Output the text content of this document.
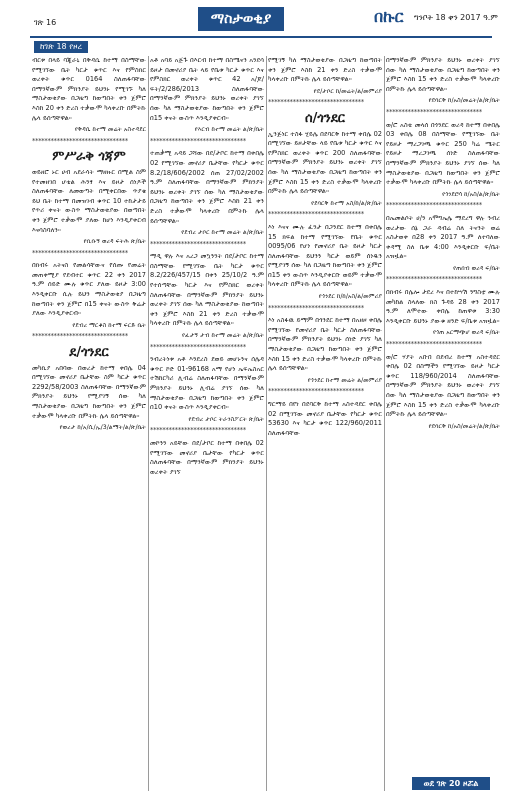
ገጽ 16	ማስታወቂያ	በኩር ግንቦት 18 ቀን 2017 ዓ.ም
ከገጽ 18 የዞረ

ብርቱ በላይ ባጂራኒ በቅዳሴ ከተማ በስማቸው የሚገኘው ቤት ካርታ ቁጥር እና የምስክር ወረቀት ቁጥር 0164 ስለጠፋባቸው በማንኛውም ምክንያት ይህንኑ የሚገኙ ካለ ማስታወቂያው በጋዜጣ ከወጣበት ቀን ጀምሮ እስከ 20 ቀን ድረስ ተቃውሞ ካላቀረቡ በምትኩ ሌላ ይሰጣቸዋል።

የቅዳሴ ከተማ መሬት አስተዳደር
*******************************
ምሥራቅ ጎጃም

ወይዘሮ ኑር ሀብ አደራሳት ማዘዙር በሚል ስም የተመዘገበ ሆቴል ሕንፃ እና ይዞታ ሰነዶች ስለጠፋባቸው ለመወጣት በሚቀርበው ጥያቄ ይህ ቤት ከተማ በመዝገብ ቁጥር 10 ተከታታይ የጥሪ ቀናት ውስጥ ማስታወቂያው በወጣበት ቀን ጀምሮ ተቃውሞ ያለው ከሆነ እንዲያቀርብ እናሳስባለን።

የቢቡኝ ወረዳ ፍትሕ ጽ/ቤት
*******************************

በክብሩ አትናስ የመልሳቸውና የሰጡ የመሬት መጠቀሚያ የደብተር ቁጥር 22 ቀን 2017 ዓ.ም ሰይድ ሙሉ ቁጥር ያለው ይዞታ 3:00 እንዲቀርቡ ሲሉ ይህን ማስታወቂያ በጋዜጣ ከወጣበት ቀን ጀምሮ በ15 ቀናት ውስጥ ቅሬታ ያለው እንዲያቀርብ።

የደብረ ማርቆስ ከተማ ፍርድ ቤት
*******************************
ደ/ጎንደር

መካኪያ አበባው በወረታ ከተማ ቀበሌ 04 በሚገኘው መኖሪያ ቤታቸው ስም ካርታ ቁጥር 2292/58/2003 ስለጠፋባቸው በማንኛውም ምክንያት ይህንኑ የሚያገኝ ሰው ካለ ማስታወቂያው በጋዜጣ ከወጣበት ቀን ጀምሮ ተቃውሞ ካላቀረቡ በምትኩ ሌላ ይሰጣቸዋል።

የወረታ ከ/አ/ሲ/ኢ/3/ልማት/ል/ጽ/ቤት

አቶ አባይ አጅጉ በእርብ ከተማ በስሜናን አንደሳ ይዞታ በመኖሪያ ቤት ላይ የቤቱ ካርታ ቁጥር እና የምስክር ወረቀት ቁጥር 42 አ/ጆ/ፍት/2/286/2013 ስለጠፋባቸው በማንኛውም ምክንያት ይህንኑ ወረቀት ያገኘ ሰው ካለ ማስታወቂያው ከወጣበት ቀን ጀምሮ በ15 ቀናት ውስጥ እንዲያቀርብ።

የእርብ ከተማ መሬት ል/ጽ/ቤት
*******************************

ተጠቃሚ አዳይ ጋሻው በደ/ታቦር ከተማ በቀበሌ 02 የሚገኘው መኖሪያ ቤታቸው የካርታ ቁጥር 8.2/18/606/2002 ሰጠ 27/02/2002 ዓ.ም ስለጠፋባቸው በማንኛውም ምክንያት ይህንኑ ወረቀት ያገኘ ሰው ካለ ማስታወቂያው በጋዜጣ ከወጣበት ቀን ጀምሮ እስከ 21 ቀን ድረስ ተቃውሞ ካላቀረቡ በምትኩ ሌላ ይሰጣቸዋል።

የደብረ ታቦር ከተማ መሬት ል/ጽ/ቤት
*******************************

ማዲ ዋሉ እና አረጋ መኳንንት በደ/ታቦር ከተማ በስማቸው የሚገኘው ቤት ካርታ ቁጥር 8.2/226/457/15 በቀን 25/10/2 ዓ.ም የተሰጣቸው ካርታ እና የምስክር ወረቀት ስለጠፋባቸው በማንኛውም ምክንያት ይህንኑ ወረቀት ያገኘ ሰው ካለ ማስታወቂያው ከወጣበት ቀን ጀምሮ እስከ 21 ቀን ድረስ ተቃውሞ ካላቀረቡ በምትኩ ሌላ ይሰጣቸዋል።

የፈታኝ ታብ ከተማ መሬት ል/ጽ/ቤት
*******************************

ንብረትነቱ አቶ እንደረስ ደወይ መሆኑንና ሰሌዳ ቁጥር ኮድ 01-96168 አማ የሆነ ኤፍኤስአር ተሽከርካሪ ሊብሬ ስለጠፋባቸው በማንኛውም ምክንያት ይህንኑ ሊብሬ ያገኘ ሰው ካለ ማስታወቂያው በጋዜጣ ከወጣበት ቀን ጀምሮ በ10 ቀናት ውስጥ እንዲያቀርብ።

የደብረ ታቦር ትራንስፖርት ጽ/ቤት
*******************************

መኮንን አይቸው በደ/ታቦር ከተማ በቀበሌ 02 የሚገኘው መኖሪያ ቤታቸው የካርታ ቁጥር ስለጠፋባቸው በማንኛውም ምክንያት ይህንኑ ወረቀት ያገኘ

የሚገኝ ካለ ማስታወቂያው በጋዜጣ ከወጣበት ቀን ጀምሮ እስከ 21 ቀን ድረስ ተቃውሞ ካላቀረቡ በምትኩ ሌላ ይሰጣቸዋል።

የደ/ታቦር ከ/መሬት/ል/መምሪያ
*******************************
ሰ/ጎንደር

ኢንጅነር ተስፋ ሂይሌ በደባርቅ ከተማ ቀበሌ 02 በሚገኘው ይዞታቸው ላይ የቤቱ ካርታ ቁጥር እና የምስክር ወረቀት ቁጥር 200 ስለጠፋባቸው በማንኛውም ምክንያት ይህንኑ ወረቀት ያገኘ ሰው ካለ ማስታወቂያው በጋዜጣ ከወጣበት ቀን ጀምሮ እስከ 15 ቀን ድረስ ተቃውሞ ካላቀረቡ በምትኩ ሌላ ይሰጣቸዋል።

የደባርቅ ከተማ አስ/ከ/ል/ጽ/ቤት
*******************************

እነ እናና ሙሉ ፈንታ በጋንደር ከተማ በቀበሌ 15 ክፍል ከተማ የሚገኘው የቤት ቁጥር 0095/06 የሆነ የመኖሪያ ቤት ይዞታ ካርታ ስለጠፋባቸው ይህንን ካርታ ወይም ሰነዱን የሚያገኝ ሰው ካለ በጋዜጣ ከወጣበት ቀን ጀምሮ በ15 ቀን ውስጥ እንዲያቀርቡ ወይም ተቃውሞ ካላቀረቡ በምትኩ ሌላ ይሰጣቸዋል።

የጎንደር ከ/ከ/አስ/ል/መምሪያ
*******************************

እነ አስፋዉ ይማም በጎንደር ከተማ በአዘዞ ቀበሌ የሚገኘው የመኖሪያ ቤት ካርታ ስለጠፋባቸው በማንኛውም ምክንያት ይህንኑ ሰነድ ያገኘ ካለ ማስታወቂያው በጋዜጣ ከወጣበት ቀን ጀምሮ እስከ 15 ቀን ድረስ ተቃውሞ ካላቀረቡ በምትኩ ሌላ ይሰጣቸዋል።

የጎንደር ከተማ መሬት ል/መምሪያ
*******************************

ግርማይ በየነ በደባርቅ ከተማ አስተዳደር ቀበሌ 02 በሚገኘው መኖሪያ ቤታቸው የካርታ ቁጥር 53630 እና ካርታ ቁጥር 122/960/2011 ስለጠፋባቸው

በማንኛውም ምክንያት ይህንኑ ወረቀት ያገኘ ሰው ካለ ማስታወቂያው በጋዜጣ ከወጣበት ቀን ጀምሮ እስከ 15 ቀን ድረስ ተቃውሞ ካላቀረቡ በምትኩ ሌላ ይሰጣቸዋል።

የደባርቅ ከ/አስ/መሬት/ል/ጽ/ቤት
*******************************

ወ/ሮ አስቴ መላሰ በጎንደር ወረዳ ከተማ በቀበሌ 03 ቀበሌ 08 በስማቸው የሚገኘው ቤት የይዞታ ማረጋገጫ ቁጥር 250 ካሬ ሜትር የይዞታ ማረጋገጫ ሰነድ ስለጠፋባቸው በማንኛውም ምክንያት ይህንኑ ያገኘ ሰው ካለ ማስታወቂያው በጋዜጣ ከወጣበት ቀን ጀምሮ ተቃውሞ ካላቀረቡ በምትኩ ሌላ ይሰጣቸዋል።

የጎንደሮሳ ከ/አስ/ል/ጽ/ቤት
*******************************

በኤመልሶት ሀ/ን አሞግኤሌ ማደረግ ዋሉ ንብረ ወረታው ሰኔ ጋራ ዳብሬ ስለ ትናንት ወሬ አስታወቀ በ28 ቀን 2017 ዓ.ም ለተባለው ቀዳሚ ስለ ቤቱ 4:00 እንዲቀርቡ ፍ/ቤት አዝዟል።

የጠበብ ወረዳ ፍ/ቤት
*******************************

በክብሩ በሌሎ ታደረ እና በተከሣሽ ንግስቲ ሙሉ መካከል ስላለው ክስ ጉዳይ 28 ቀን 2017 ዓ.ም ለሞተው ቀበሌ ከጠዋቱ 3:30 እንዲቀርቡ ይህንኑ ያውቁ ዘንድ ፍ/ቤቱ አዝዟል።

የጎጠ አርማጭሆ ወረዳ ፍ/ቤት
*******************************

ወ/ሮ ሃያት አቡበ በደብረ ከተማ አስተዳደር ቀበሌ 02 በስማችን የሚገኘው ይዞታ ካርታ ቁጥር 118/960/2014 ስለጠፋባቸው በማንኛውም ምክንያት ይህንኑ ወረቀት ያገኘ ሰው ካለ ማስታወቂያው በጋዜጣ ከወጣበት ቀን ጀምሮ እስከ 15 ቀን ድረስ ተቃውሞ ካላቀረቡ በምትኩ ሌላ ይሰጣቸዋል።

የደባርቅ ከ/አስ/መሬት/ል/ጽ/ቤት
ወደ ገጽ 20 ዞሯል
